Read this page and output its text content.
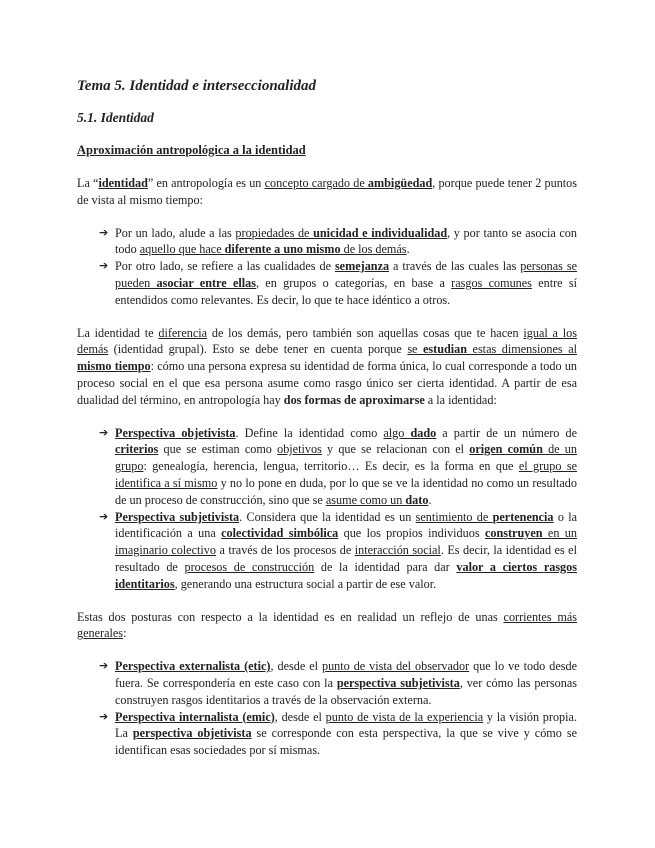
Tema 5. Identidad e interseccionalidad
5.1. Identidad
Aproximación antropológica a la identidad

La “identidad” en antropología es un concepto cargado de ambigüedad, porque puede tener 2 puntos de vista al mismo tiempo:

➔ Por un lado, alude a las propiedades de unicidad e individualidad, y por tanto se asocia con todo aquello que hace diferente a uno mismo de los demás.
➔ Por otro lado, se refiere a las cualidades de semejanza a través de las cuales las personas se pueden asociar entre ellas, en grupos o categorías, en base a rasgos comunes entre sí entendidos como relevantes. Es decir, lo que te hace idéntico a otros.

La identidad te diferencia de los demás, pero también son aquellas cosas que te hacen igual a los demás (identidad grupal). Esto se debe tener en cuenta porque se estudian estas dimensiones al mismo tiempo: cómo una persona expresa su identidad de forma única, lo cual corresponde a todo un proceso social en el que esa persona asume como rasgo único ser cierta identidad. A partir de esa dualidad del término, en antropología hay dos formas de aproximarse a la identidad:

➔ Perspectiva objetivista. Define la identidad como algo dado a partir de un número de criterios que se estiman como objetivos y que se relacionan con el origen común de un grupo: genealogía, herencia, lengua, territorio… Es decir, es la forma en que el grupo se identifica a sí mismo y no lo pone en duda, por lo que se ve la identidad no como un resultado de un proceso de construcción, sino que se asume como un dato.
➔ Perspectiva subjetivista. Considera que la identidad es un sentimiento de pertenencia o la identificación a una colectividad simbólica que los propios individuos construyen en un imaginario colectivo a través de los procesos de interacción social. Es decir, la identidad es el resultado de procesos de construcción de la identidad para dar valor a ciertos rasgos identitarios, generando una estructura social a partir de ese valor.

Estas dos posturas con respecto a la identidad es en realidad un reflejo de unas corrientes más generales:

➔ Perspectiva externalista (etic), desde el punto de vista del observador que lo ve todo desde fuera. Se correspondería en este caso con la perspectiva subjetivista, ver cómo las personas construyen rasgos identitarios a través de la observación externa.
➔ Perspectiva internalista (emic), desde el punto de vista de la experiencia y la visión propia. La perspectiva objetivista se corresponde con esta perspectiva, la que se vive y cómo se identifican esas sociedades por sí mismas.
